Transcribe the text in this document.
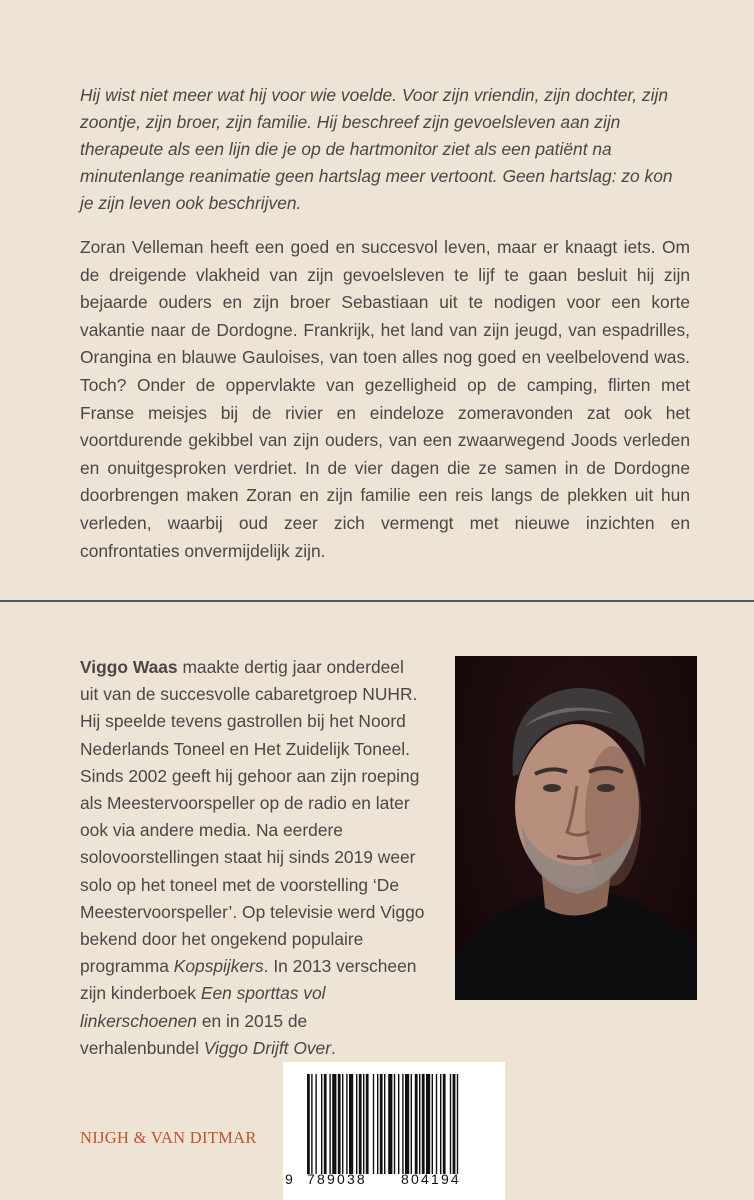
Hij wist niet meer wat hij voor wie voelde. Voor zijn vriendin, zijn dochter, zijn zoontje, zijn broer, zijn familie. Hij beschreef zijn gevoelsleven aan zijn therapeute als een lijn die je op de hartmonitor ziet als een patiënt na minutenlange reanimatie geen hartslag meer vertoont. Geen hartslag: zo kon je zijn leven ook beschrijven.

Zoran Velleman heeft een goed en succesvol leven, maar er knaagt iets. Om de dreigende vlakheid van zijn gevoelsleven te lijf te gaan besluit hij zijn bejaarde ouders en zijn broer Sebastiaan uit te nodigen voor een korte vakantie naar de Dordogne. Frankrijk, het land van zijn jeugd, van espadrilles, Orangina en blauwe Gauloises, van toen alles nog goed en veelbelovend was. Toch? Onder de oppervlakte van gezelligheid op de camping, flirten met Franse meisjes bij de rivier en eindeloze zomeravonden zat ook het voortdurende gekibbel van zijn ouders, van een zwaarwegend Joods verleden en onuitgesproken verdriet. In de vier dagen die ze samen in de Dordogne doorbrengen maken Zoran en zijn familie een reis langs de plekken uit hun verleden, waarbij oud zeer zich vermengt met nieuwe inzichten en confrontaties onvermijdelijk zijn.

Viggo Waas maakte dertig jaar onderdeel uit van de succesvolle cabaretgroep NUHR. Hij speelde tevens gastrollen bij het Noord Nederlands Toneel en Het Zuidelijk Toneel. Sinds 2002 geeft hij gehoor aan zijn roeping als Meestervoorspeller op de radio en later ook via andere media. Na eerdere solovoorstellingen staat hij sinds 2019 weer solo op het toneel met de voorstelling ‘De Meestervoorspeller’. Op televisie werd Viggo bekend door het ongekend populaire programma Kopspijkers. In 2013 verscheen zijn kinderboek Een sporttas vol linkerschoenen en in 2015 de verhalenbundel Viggo Drijft Over.

NIJGH & VAN DITMAR

9 789038 804194
